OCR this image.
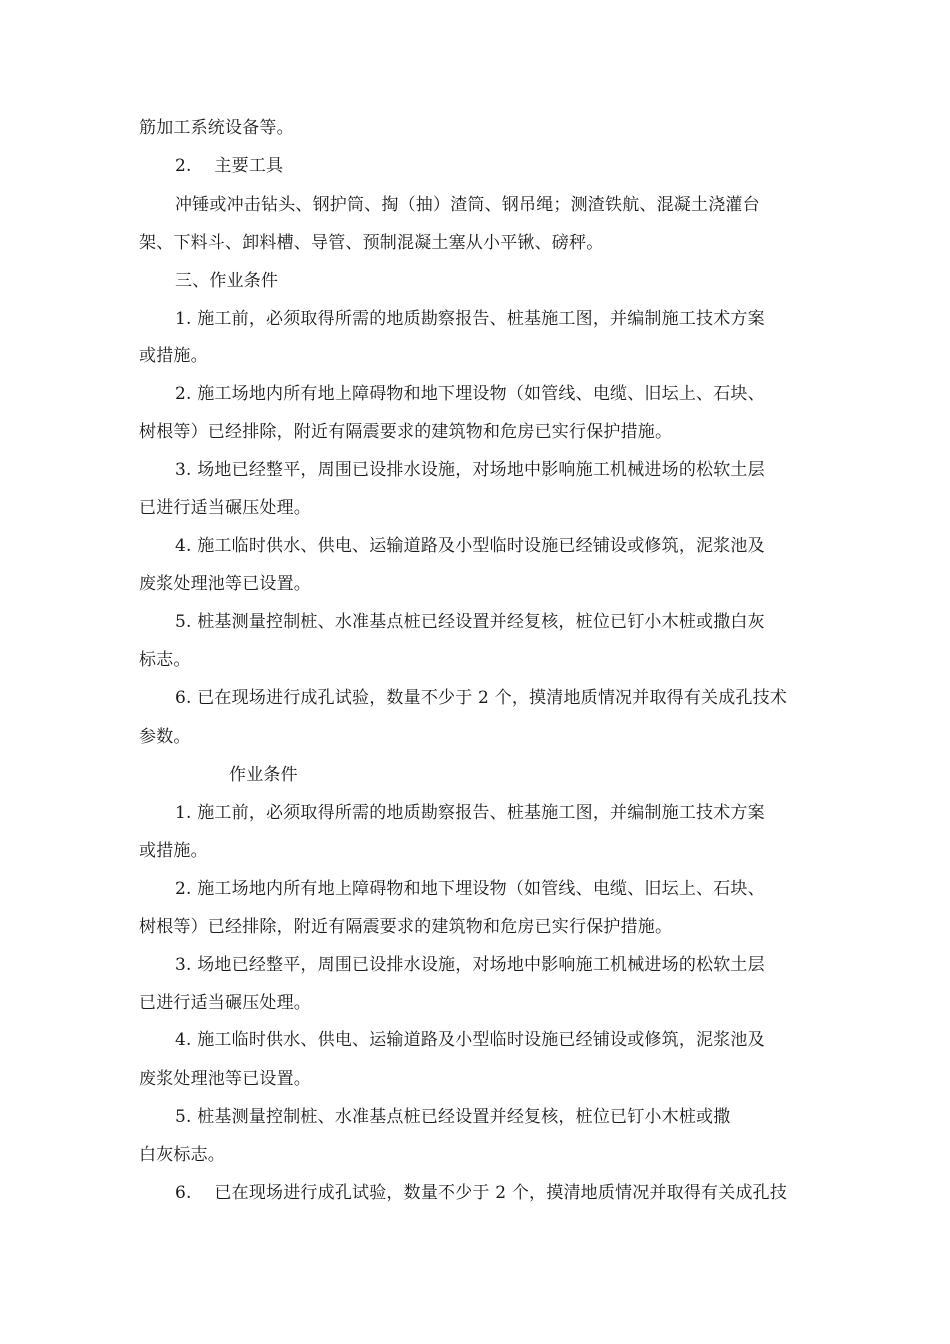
筋加工系统设备等。
2.　 主要工具
冲锤或冲击钻头、钢护筒、掏（抽）渣筒、钢吊绳；测渣铁航、混凝土浇灌台
架、下料斗、卸料槽、导管、预制混凝土塞从小平锹、磅秤。
三、作业条件
1. 施工前，必须取得所需的地质勘察报告、桩基施工图，并编制施工技术方案
或措施。
2. 施工场地内所有地上障碍物和地下埋设物（如管线、电缆、旧坛上、石块、
树根等）已经排除，附近有隔震要求的建筑物和危房已实行保护措施。
3. 场地已经整平，周围已设排水设施，对场地中影响施工机械进场的松软土层
已进行适当碾压处理。
4. 施工临时供水、供电、运输道路及小型临时设施已经铺设或修筑，泥浆池及
废浆处理池等已设置。
5. 桩基测量控制桩、水准基点桩已经设置并经复核，桩位已钉小木桩或撒白灰
标志。
6. 已在现场进行成孔试验，数量不少于 2 个，摸清地质情况并取得有关成孔技术
参数。
作业条件
1. 施工前，必须取得所需的地质勘察报告、桩基施工图，并编制施工技术方案
或措施。
2. 施工场地内所有地上障碍物和地下埋设物（如管线、电缆、旧坛上、石块、
树根等）已经排除，附近有隔震要求的建筑物和危房已实行保护措施。
3. 场地已经整平，周围已设排水设施，对场地中影响施工机械进场的松软土层
已进行适当碾压处理。
4. 施工临时供水、供电、运输道路及小型临时设施已经铺设或修筑，泥浆池及
废浆处理池等已设置。
5. 桩基测量控制桩、水准基点桩已经设置并经复核，桩位已钉小木桩或撒
白灰标志。
6.　 已在现场进行成孔试验，数量不少于 2 个，摸清地质情况并取得有关成孔技
